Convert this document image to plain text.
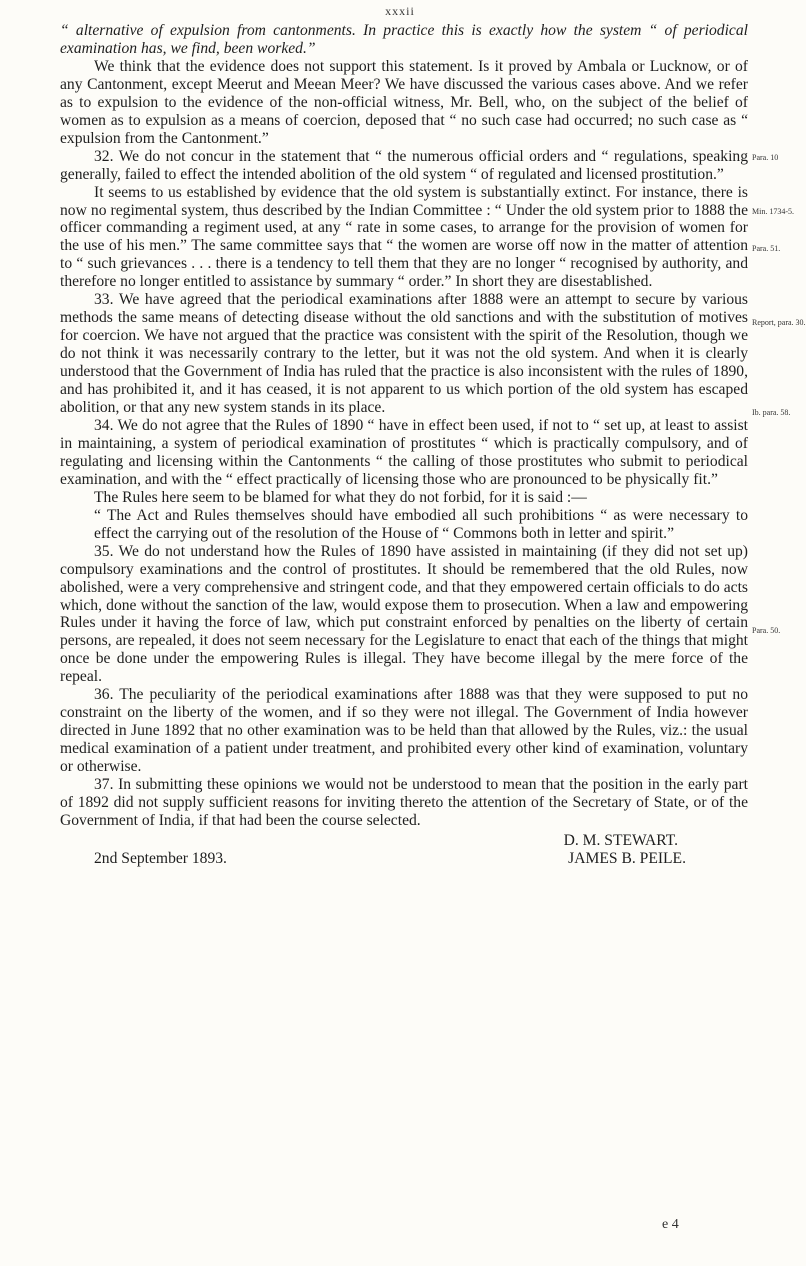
xxxii

“ alternative of expulsion from cantonments. In practice this is exactly how the system “ of periodical examination has, we find, been worked.”

We think that the evidence does not support this statement. Is it proved by Ambala or Lucknow, or of any Cantonment, except Meerut and Meean Meer? We have discussed the various cases above. And we refer as to expulsion to the evidence of the non-official witness, Mr. Bell, who, on the subject of the belief of women as to expulsion as a means of coercion, deposed that “ no such case had occurred; no such case as “ expulsion from the Cantonment.”

32. We do not concur in the statement that “ the numerous official orders and “ regulations, speaking generally, failed to effect the intended abolition of the old system “ of regulated and licensed prostitution.”

It seems to us established by evidence that the old system is substantially extinct. For instance, there is now no regimental system, thus described by the Indian Committee : “ Under the old system prior to 1888 the officer commanding a regiment used, at any “ rate in some cases, to arrange for the provision of women for the use of his men.” The same committee says that “ the women are worse off now in the matter of attention to “ such grievances . . . there is a tendency to tell them that they are no longer “ recognised by authority, and therefore no longer entitled to assistance by summary “ order.” In short they are disestablished.

33. We have agreed that the periodical examinations after 1888 were an attempt to secure by various methods the same means of detecting disease without the old sanctions and with the substitution of motives for coercion. We have not argued that the practice was consistent with the spirit of the Resolution, though we do not think it was necessarily contrary to the letter, but it was not the old system. And when it is clearly understood that the Government of India has ruled that the practice is also inconsistent with the rules of 1890, and has prohibited it, and it has ceased, it is not apparent to us which portion of the old system has escaped abolition, or that any new system stands in its place.

34. We do not agree that the Rules of 1890 “ have in effect been used, if not to “ set up, at least to assist in maintaining, a system of periodical examination of prostitutes “ which is practically compulsory, and of regulating and licensing within the Cantonments “ the calling of those prostitutes who submit to periodical examination, and with the “ effect practically of licensing those who are pronounced to be physically fit.”

The Rules here seem to be blamed for what they do not forbid, for it is said :—

“ The Act and Rules themselves should have embodied all such prohibitions “ as were necessary to effect the carrying out of the resolution of the House of “ Commons both in letter and spirit.”

35. We do not understand how the Rules of 1890 have assisted in maintaining (if they did not set up) compulsory examinations and the control of prostitutes. It should be remembered that the old Rules, now abolished, were a very comprehensive and stringent code, and that they empowered certain officials to do acts which, done without the sanction of the law, would expose them to prosecution. When a law and empowering Rules under it having the force of law, which put constraint enforced by penalties on the liberty of certain persons, are repealed, it does not seem necessary for the Legislature to enact that each of the things that might once be done under the empowering Rules is illegal. They have become illegal by the mere force of the repeal.

36. The peculiarity of the periodical examinations after 1888 was that they were supposed to put no constraint on the liberty of the women, and if so they were not illegal. The Government of India however directed in June 1892 that no other examination was to be held than that allowed by the Rules, viz.: the usual medical examination of a patient under treatment, and prohibited every other kind of examination, voluntary or otherwise.

37. In submitting these opinions we would not be understood to mean that the position in the early part of 1892 did not supply sufficient reasons for inviting thereto the attention of the Secretary of State, or of the Government of India, if that had been the course selected.

D. M. STEWART.
2nd September 1893.	JAMES B. PEILE.
Para. 10
Min. 1734-5.
Para. 51.
Report, para. 30.
Ib. para. 58.
Para. 50.
e 4
